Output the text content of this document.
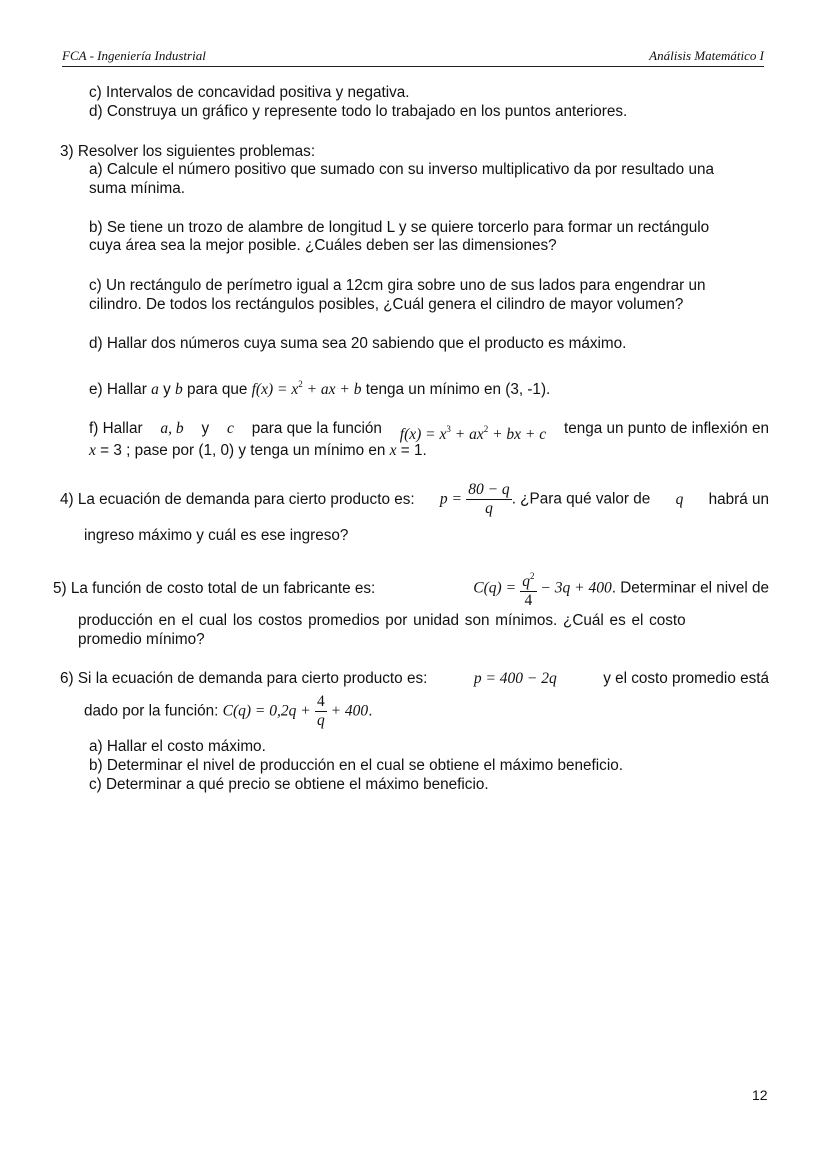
FCA - Ingeniería Industrial	Análisis Matemático I
c) Intervalos de concavidad positiva y negativa.
d) Construya un gráfico y represente todo lo trabajado en los puntos anteriores.
3) Resolver los siguientes problemas:
a) Calcule el número positivo que sumado con su inverso multiplicativo da por resultado una
suma mínima.
b) Se tiene un trozo de alambre de longitud L y se quiere torcerlo para formar un rectángulo
cuya área sea la mejor posible. ¿Cuáles deben ser las dimensiones?
c) Un rectángulo de perímetro igual a 12cm gira sobre uno de sus lados para engendrar un
cilindro. De todos los rectángulos posibles, ¿Cuál genera el cilindro de mayor volumen?
d) Hallar dos números cuya suma sea 20 sabiendo que el producto es máximo.
e) Hallar a y b para que $f(x) = x^2$ + ax + b tenga un mínimo en (3, -1).
f) Hallar a, b y c para que la función $f(x) = x^3 + ax^2$ + bx + c tenga un punto de inflexión en
x = 3 ; pase por (1, 0) y tenga un mínimo en x = 1.
4) La ecuación de demanda para cierto producto es: $p = \frac{80 - q}{q}$ . ¿Para qué valor de q habrá un
ingreso máximo y cuál es ese ingreso?
5) La función de costo total de un fabricante es:	$C(q) = \frac{q^2}{4} - 3q + 400$. Determinar el nivel de
producción en el cual los costos promedios por unidad son mínimos. ¿Cuál es el costo
promedio mínimo?
6) Si la ecuación de demanda para cierto producto es:	p = 400 − 2q	y el costo promedio está
dado por la función: $C(q) = 0,2q + \frac{4}{q} + 400$.
a) Hallar el costo máximo.
b) Determinar el nivel de producción en el cual se obtiene el máximo beneficio.
c) Determinar a qué precio se obtiene el máximo beneficio.
12
